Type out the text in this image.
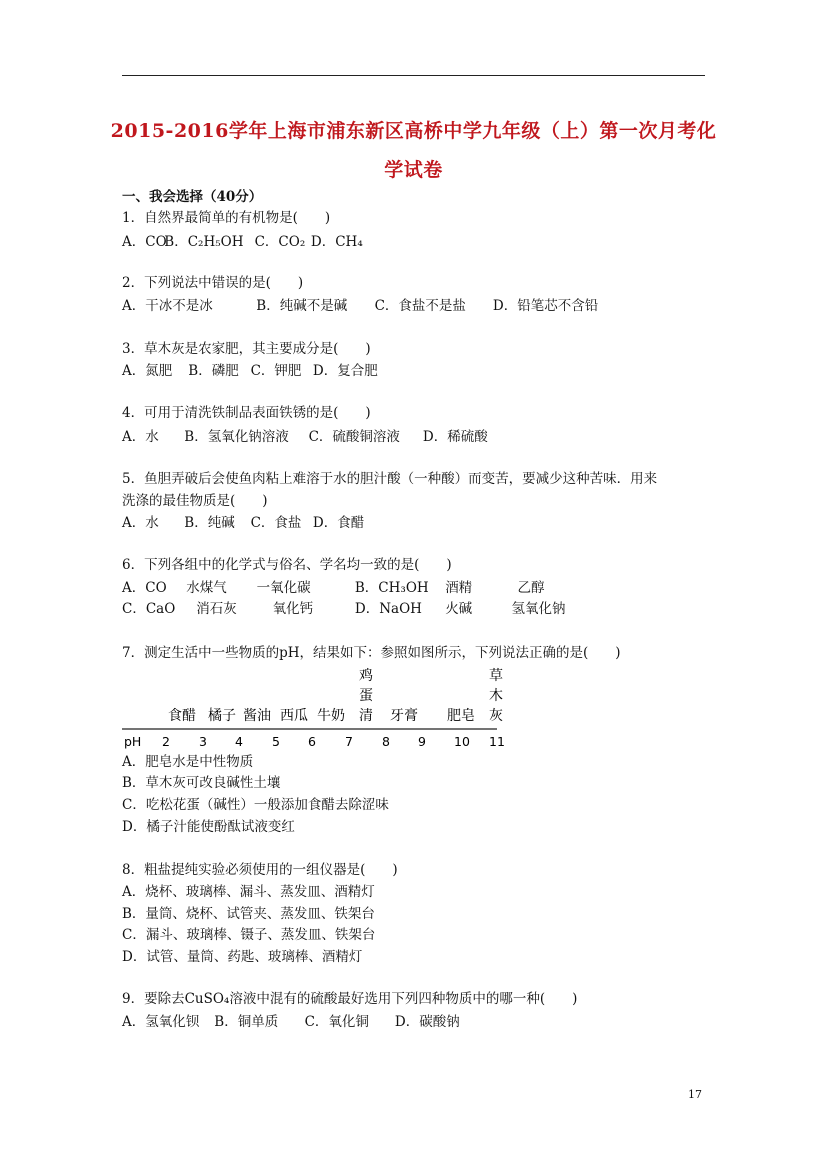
2015-2016学年上海市浦东新区高桥中学九年级（上）第一次月考化
学试卷
一、我会选择（40分）
1．自然界最简单的有机物是(　　)
A．CO B．C₂H₅OH C．CO₂ D．CH₄
2．下列说法中错误的是(　　)
A．干冰不是冰	B．纯碱不是碱 C．食盐不是盐 D．铅笔芯不含铅
3．草木灰是农家肥，其主要成分是(　　)
A．氮肥 B．磷肥 C．钾肥 D．复合肥
4．可用于清洗铁制品表面铁锈的是(　　)
A．水 B．氢氧化钠溶液 C．硫酸铜溶液 D．稀硫酸
5．鱼胆弄破后会使鱼肉粘上难溶于水的胆汁酸（一种酸）而变苦，要减少这种苦味．用来
洗涤的最佳物质是(　　)
A．水 B．纯碱 C．食盐 D．食醋
6．下列各组中的化学式与俗名、学名均一致的是(　　)
A．CO 水煤气 一氧化碳	B．CH₃OH 酒精	乙醇
C．CaO 消石灰	氧化钙	D．NaOH 火碱	氢氧化钠
7．测定生活中一些物质的pH，结果如下：参照如图所示，下列说法正确的是(　　)
pH 2 3 4 5 6 7 8 9 10 11
食醋 橘子 酱油 西瓜 牛奶
鸡
蛋
清 牙膏 肥皂
草
木
灰
A．肥皂水是中性物质
B．草木灰可改良碱性土壤
C．吃松花蛋（碱性）一般添加食醋去除涩味
D．橘子汁能使酚酞试液变红
8．粗盐提纯实验必须使用的一组仪器是(　　)
A．烧杯、玻璃棒、漏斗、蒸发皿、酒精灯
B．量筒、烧杯、试管夹、蒸发皿、铁架台
C．漏斗、玻璃棒、镊子、蒸发皿、铁架台
D．试管、量筒、药匙、玻璃棒、酒精灯
9．要除去CuSO₄溶液中混有的硫酸最好选用下列四种物质中的哪一种(　　)
A．氢氧化钡 B．铜单质 C．氧化铜 D．碳酸钠
17
